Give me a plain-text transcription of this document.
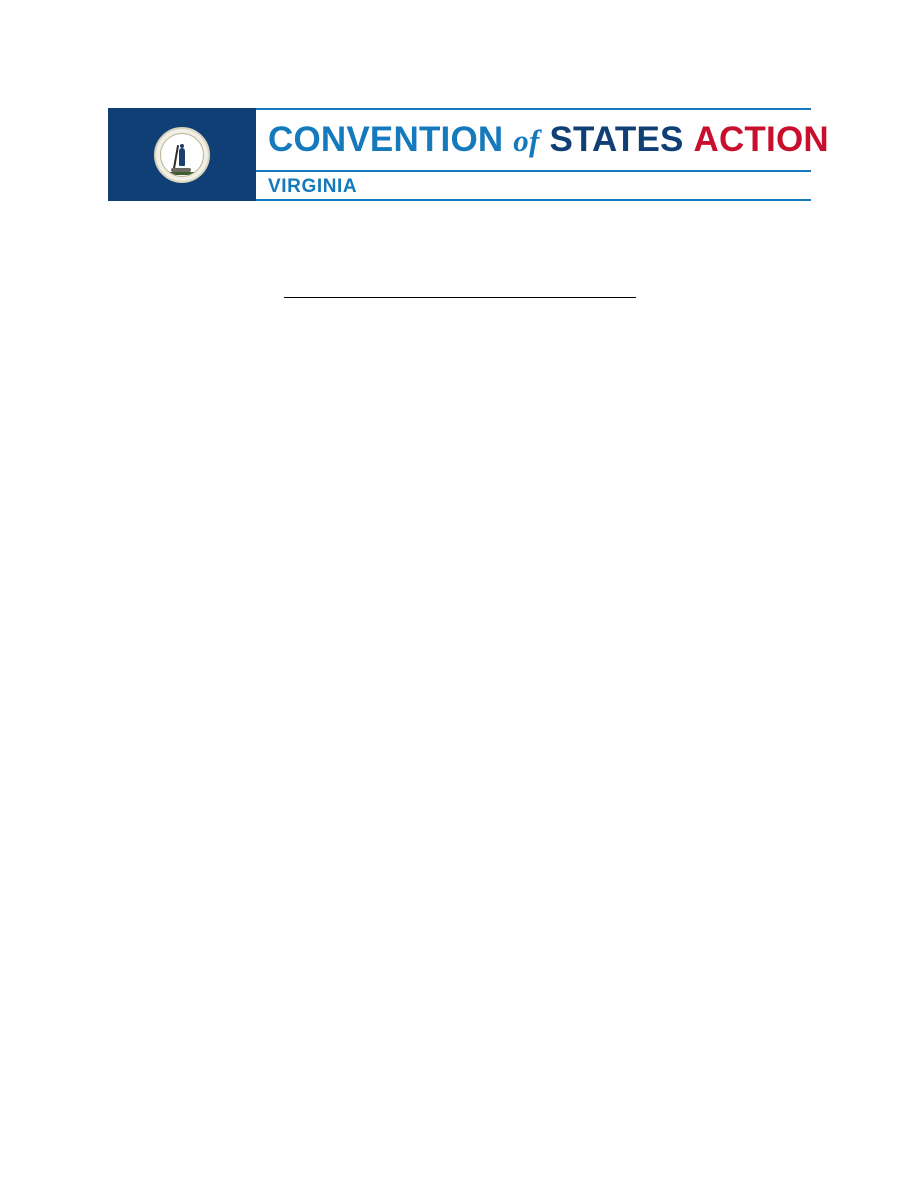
CONVENTION of STATES ACTION
VIRGINIA
